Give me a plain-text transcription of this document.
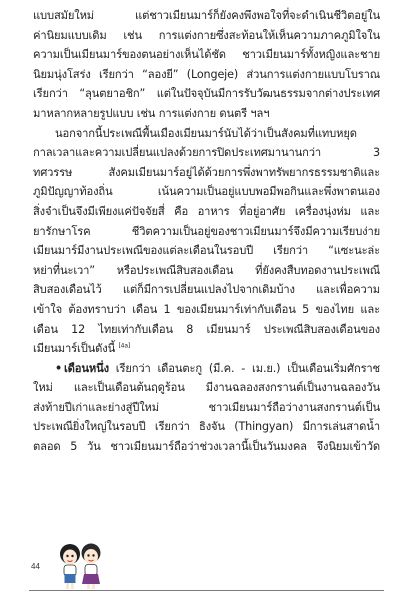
แบบสมัยใหม่ แต่ชาวเมียนมาร์ก็ยังคงพึงพอใจที่จะดำเนินชีวิตอยู่ใน
ค่านิยมแบบเดิม เช่น การแต่งกายซึ่งสะท้อนให้เห็นความภาคภูมิใจใน
ความเป็นเมียนมาร์ของตนอย่างเห็นได้ชัด ชาวเมียนมาร์ทั้งหญิงและชาย
นิยมนุ่งโสร่ง เรียกว่า “ลองยี” (Longeje) ส่วนการแต่งกายแบบโบราณ
เรียกว่า “ลุนตยาอชิก” แต่ในปัจจุบันมีการรับวัฒนธรรมจากต่างประเทศ
มาหลากหลายรูปแบบ เช่น การแต่งกาย ดนตรี ฯลฯ
นอกจากนี้ประเพณีพื้นเมืองเมียนมาร์นับได้ว่าเป็นสังคมที่แทบหยุด
กาลเวลาและความเปลี่ยนแปลงด้วยการปิดประเทศมานานกว่า 3
ทศวรรษ สังคมเมียนมาร์อยู่ได้ด้วยการพึ่งพาทรัพยากรธรรมชาติและ
ภูมิปัญญาท้องถิ่น เน้นความเป็นอยู่แบบพอมีพอกินและพึ่งพาตนเอง
สิ่งจำเป็นจึงมีเพียงแค่ปัจจัยสี่ คือ อาหาร ที่อยู่อาศัย เครื่องนุ่งห่ม และ
ยารักษาโรค ชีวิตความเป็นอยู่ของชาวเมียนมาร์จึงมีความเรียบง่าย
เมียนมาร์มีงานประเพณีของแต่ละเดือนในรอบปี เรียกว่า “แซะนะล่ะ
หย่าที่นะเวา” หรือประเพณีสิบสองเดือน ที่ยังคงสืบทอดงานประเพณี
สิบสองเดือนไว้ แต่ก็มีการเปลี่ยนแปลงไปจากเดิมบ้าง และเพื่อความ
เข้าใจ ต้องทราบว่า เดือน 1 ของเมียนมาร์เท่ากับเดือน 5 ของไทย และ
เดือน 12 ไทยเท่ากับเดือน 8 เมียนมาร์ ประเพณีสิบสองเดือนของ
เมียนมาร์เป็นดังนี้ [4a]
• เดือนหนึ่ง เรียกว่า เดือนตะกู (มี.ค. - เม.ย.) เป็นเดือนเริ่มศักราช
ใหม่ และเป็นเดือนต้นฤดูร้อน มีงานฉลองสงกรานต์เป็นงานฉลองวัน
ส่งท้ายปีเก่าและย่างสู่ปีใหม่ ชาวเมียนมาร์ถือว่างานสงกรานต์เป็น
ประเพณียิ่งใหญ่ในรอบปี เรียกว่า ธิงจัน (Thingyan) มีการเล่นสาดน้ำ
ตลอด 5 วัน ชาวเมียนมาร์ถือว่าช่วงเวลานี้เป็นวันมงคล จึงนิยมเข้าวัด
44
